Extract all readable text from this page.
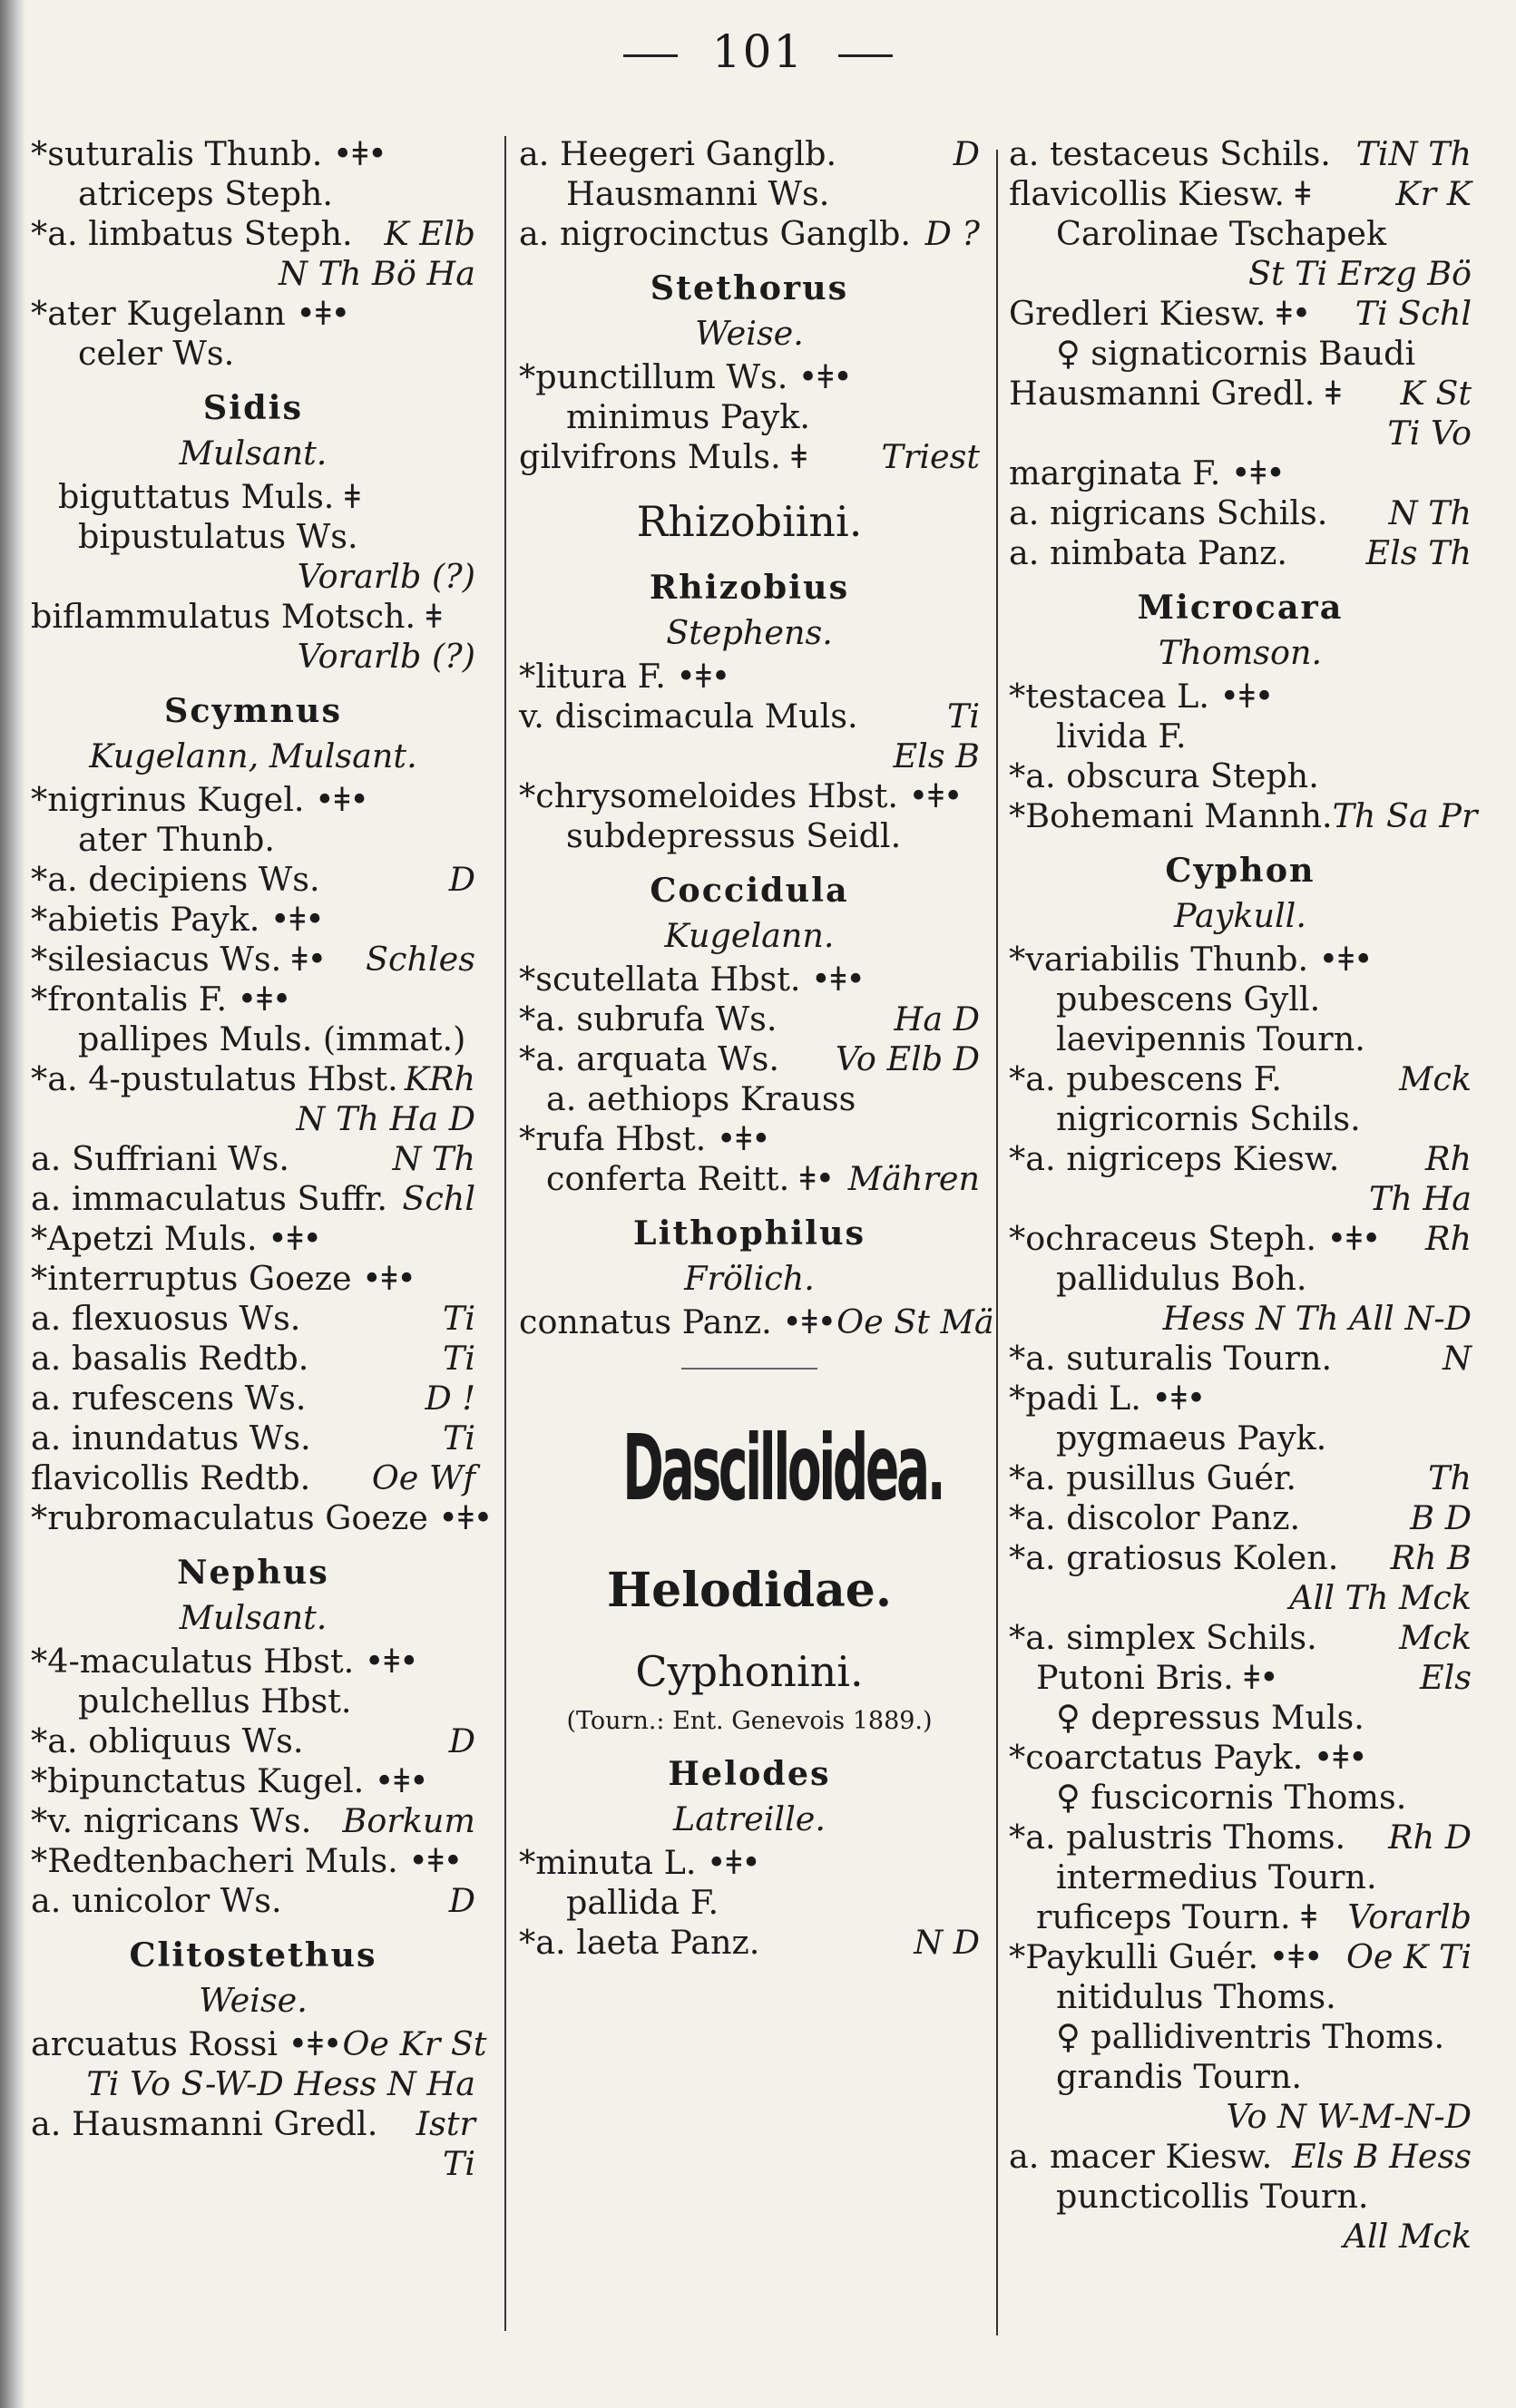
101
*suturalis Thunb. •ǂ•
atriceps Steph.
*a. limbatus Steph. K Elb
N Th Bö Ha
*ater Kugelann •ǂ•
celer Ws.
Sidis
Mulsant.
biguttatus Muls. ǂ
bipustulatus Ws.
Vorarlb (?)
biflammulatus Motsch. ǂ
Vorarlb (?)
Scymnus
Kugelann, Mulsant.
*nigrinus Kugel. •ǂ•
ater Thunb.
*a. decipiens Ws.	D
*abietis Payk. •ǂ•
*silesiacus Ws. ǂ• Schles
*frontalis F. •ǂ•
pallipes Muls. (immat.)
*a. 4-pustulatus Hbst. KRh
N Th Ha D
a. Suffriani Ws.	N Th
a. immaculatus Suffr. Schl
*Apetzi Muls. •ǂ•
*interruptus Goeze •ǂ•
a. flexuosus Ws.	Ti
a. basalis Redtb.	Ti
a. rufescens Ws.	D !
a. inundatus Ws.	Ti
flavicollis Redtb. Oe Wf
*rubromaculatus Goeze •ǂ•
Nephus
Mulsant.
*4-maculatus Hbst. •ǂ•
pulchellus Hbst.
*a. obliquus Ws.	D
*bipunctatus Kugel. •ǂ•
*v. nigricans Ws. Borkum
*Redtenbacheri Muls. •ǂ•
a. unicolor Ws.	D
Clitostethus
Weise.
arcuatus Rossi •ǂ• Oe Kr St
Ti Vo S-W-D Hess N Ha
a. Hausmanni Gredl. Istr
Ti
a. Heegeri Ganglb.	D
Hausmanni Ws.
a. nigrocinctus Ganglb. D ?
Stethorus
Weise.
*punctillum Ws. •ǂ•
minimus Payk.
gilvifrons Muls. ǂ Triest
Rhizobiini.
Rhizobius
Stephens.
*litura F. •ǂ•
v. discimacula Muls.	Ti
Els B
*chrysomeloides Hbst. •ǂ•
subdepressus Seidl.
Coccidula
Kugelann.
*scutellata Hbst. •ǂ•
*a. subrufa Ws.	Ha D
*a. arquata Ws. Vo Elb D
a. aethiops Krauss
*rufa Hbst. •ǂ•
conferta Reitt. ǂ• Mähren
Lithophilus
Frölich.
connatus Panz. •ǂ• Oe St Mä
Dascilloidea.
Helodidae.
Cyphonini.
(Tourn.: Ent. Genevois 1889.)
Helodes
Latreille.
*minuta L. •ǂ•
pallida F.
*a. laeta Panz.	N D
a. testaceus Schils. TiN Th
flavicollis Kiesw. ǂ	Kr K
Carolinae Tschapek
St Ti Erzg Bö
Gredleri Kiesw. ǂ• Ti Schl
♀ signaticornis Baudi
Hausmanni Gredl. ǂ K St
Ti Vo
marginata F. •ǂ•
a. nigricans Schils. N Th
a. nimbata Panz. Els Th
Microcara
Thomson.
*testacea L. •ǂ•
livida F.
*a. obscura Steph.
*Bohemani Mannh. Th Sa Pr
Cyphon
Paykull.
*variabilis Thunb. •ǂ•
pubescens Gyll.
laevipennis Tourn.
*a. pubescens F.	Mck
nigricornis Schils.
*a. nigriceps Kiesw.	Rh
Th Ha
*ochraceus Steph. •ǂ• Rh
pallidulus Boh.
Hess N Th All N-D
*a. suturalis Tourn.	N
*padi L. •ǂ•
pygmaeus Payk.
*a. pusillus Guér.	Th
*a. discolor Panz.	B D
*a. gratiosus Kolen. Rh B
All Th Mck
*a. simplex Schils. Mck
Putoni Bris. ǂ•	Els
♀ depressus Muls.
*coarctatus Payk. •ǂ•
♀ fuscicornis Thoms.
*a. palustris Thoms. Rh D
intermedius Tourn.
ruficeps Tourn. ǂ Vorarlb
*Paykulli Guér. •ǂ• Oe K Ti
nitidulus Thoms.
♀ pallidiventris Thoms.
grandis Tourn.
Vo N W-M-N-D
a. macer Kiesw. Els B Hess
puncticollis Tourn.
All Mck
